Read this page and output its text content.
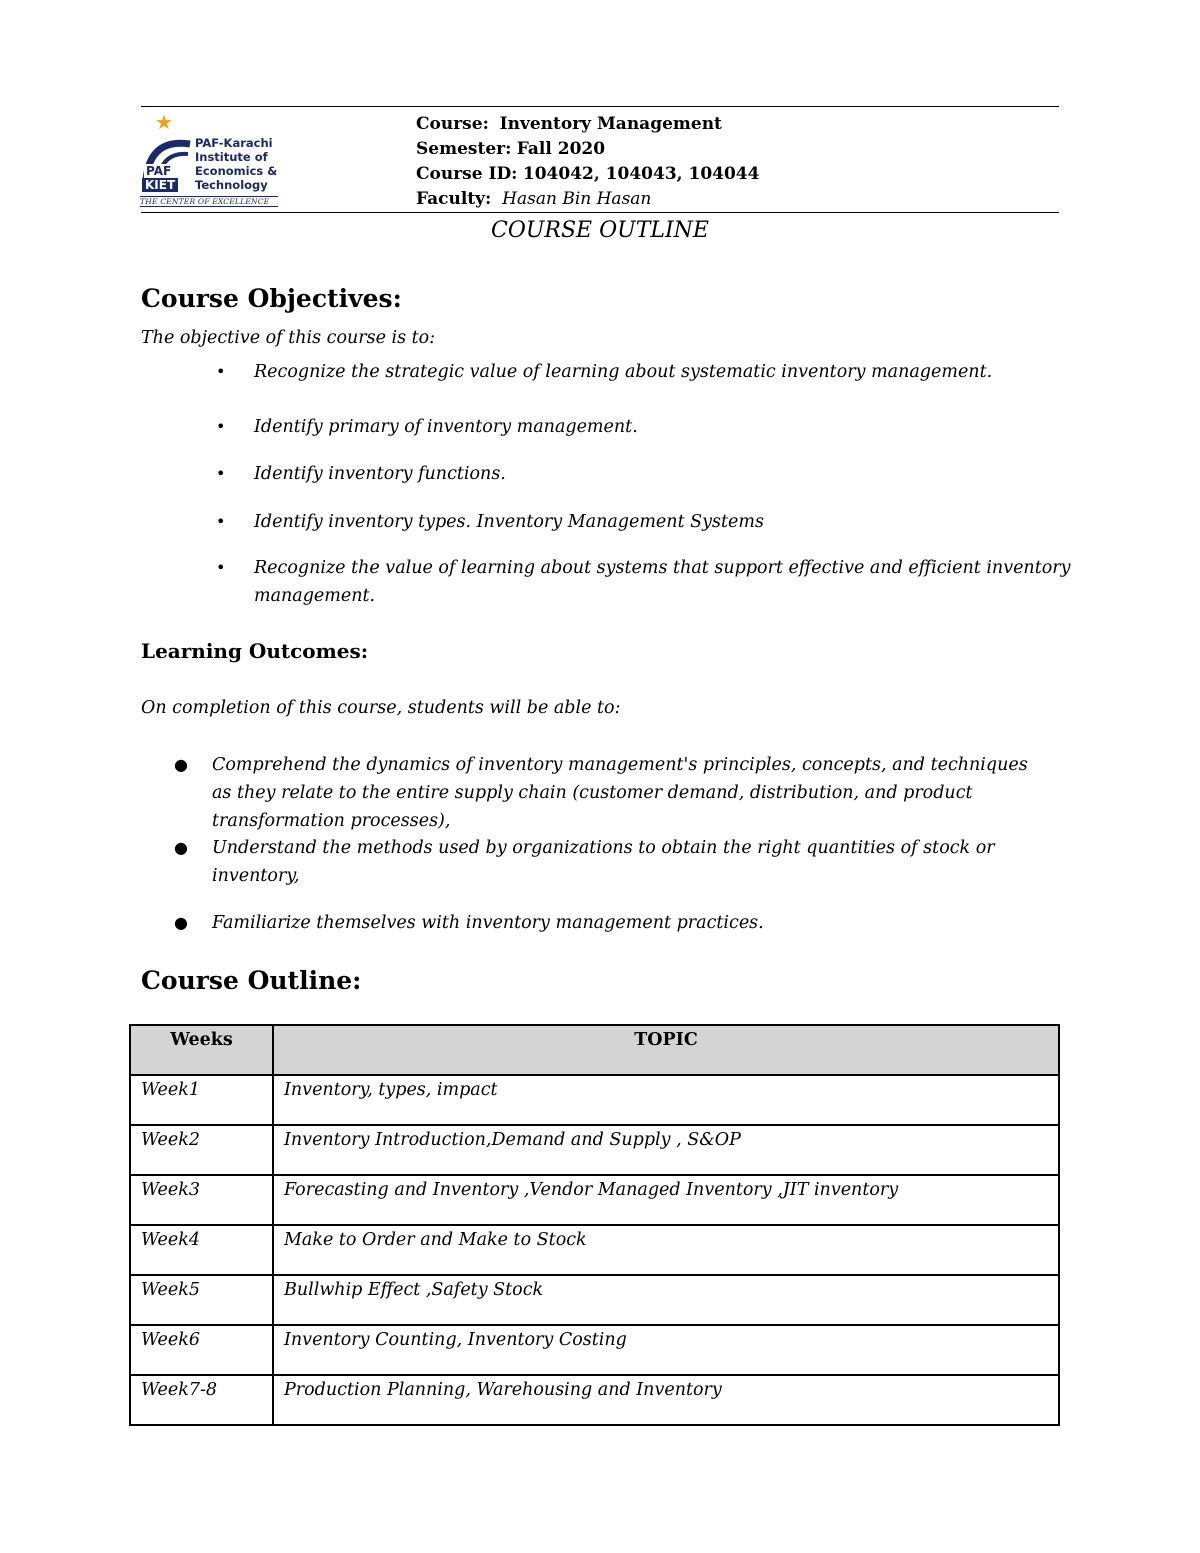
★
PAF
KIET
PAF-Karachi
Institute of
Economics &
Technology
THE CENTER OF EXCELLENCE
Course: Inventory Management
Semester: Fall 2020
Course ID: 104042, 104043, 104044
Faculty: Hasan Bin Hasan
COURSE OUTLINE
Course Objectives:
The objective of this course is to:
• Recognize the strategic value of learning about systematic inventory management.
• Identify primary of inventory management.
• Identify inventory functions.
• Identify inventory types. Inventory Management Systems
• Recognize the value of learning about systems that support effective and efficient inventory management.
Learning Outcomes:
On completion of this course, students will be able to:
● Comprehend the dynamics of inventory management's principles, concepts, and techniques as they relate to the entire supply chain (customer demand, distribution, and product transformation processes),
● Understand the methods used by organizations to obtain the right quantities of stock or inventory,
● Familiarize themselves with inventory management practices.
Course Outline:
Weeks	TOPIC
Week1	Inventory, types, impact
Week2	Inventory Introduction,Demand and Supply , S&OP
Week3	Forecasting and Inventory ,Vendor Managed Inventory ,JIT inventory
Week4	Make to Order and Make to Stock
Week5	Bullwhip Effect ,Safety Stock
Week6	Inventory Counting, Inventory Costing
Week7-8	Production Planning, Warehousing and Inventory
